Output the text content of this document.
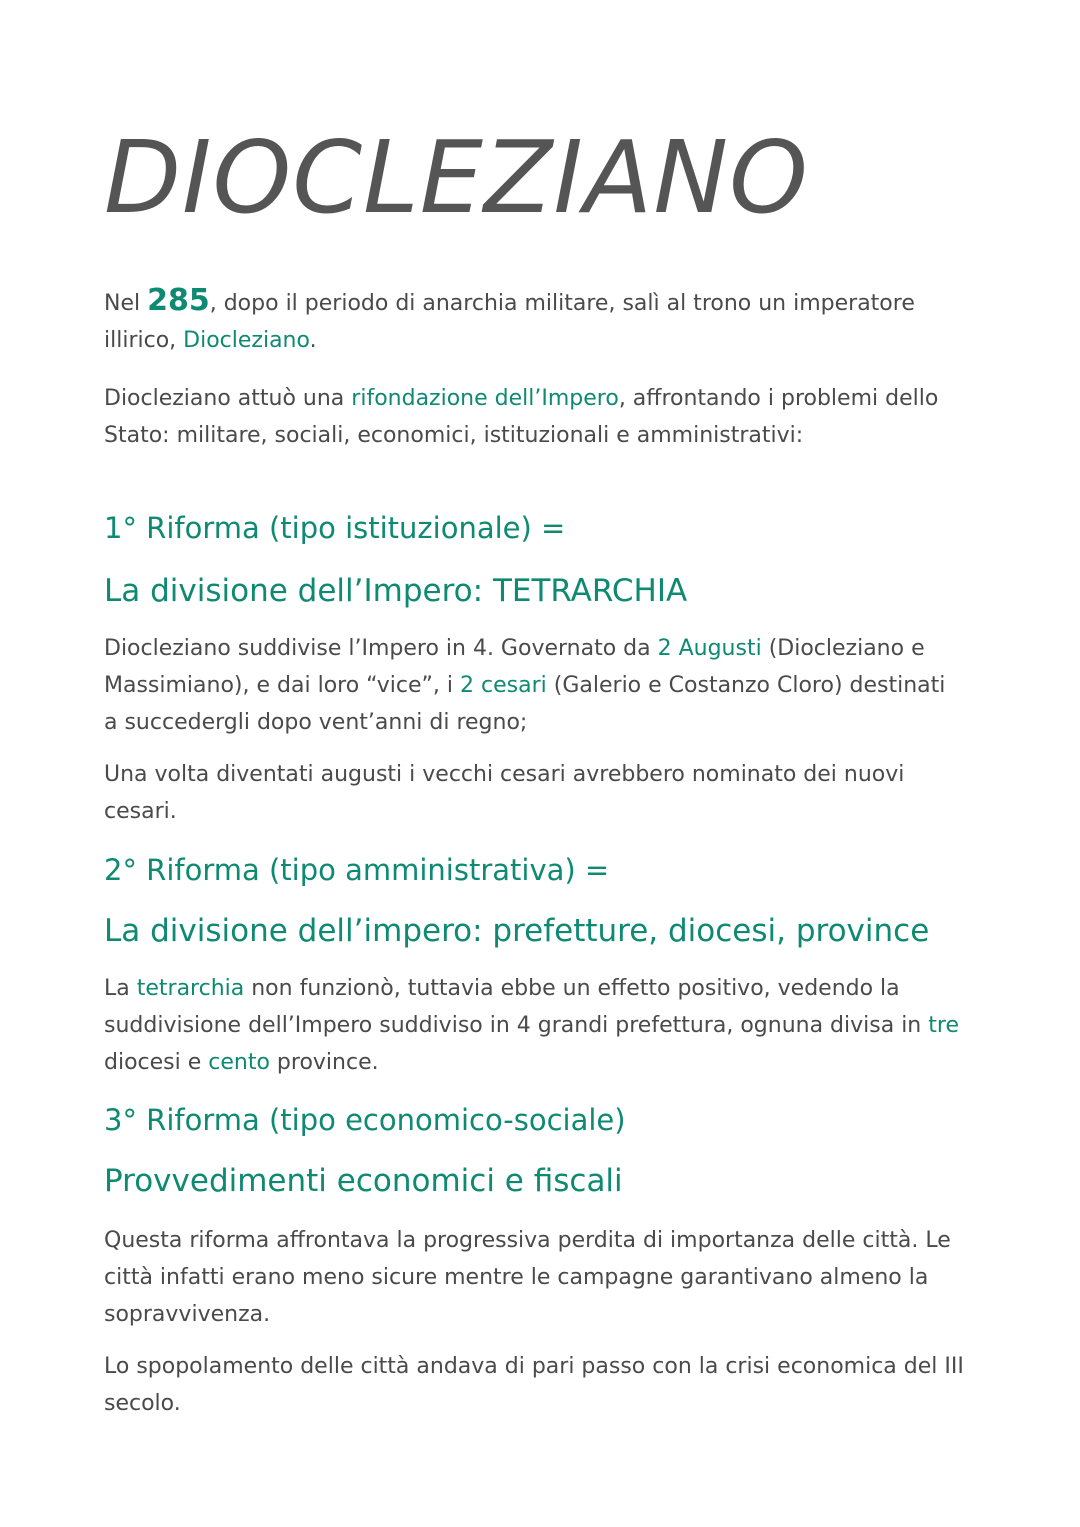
DIOCLEZIANO

Nel 285, dopo il periodo di anarchia militare, salì al trono un imperatore illirico, Diocleziano.

Diocleziano attuò una rifondazione dell’Impero, affrontando i problemi dello Stato: militare, sociali, economici, istituzionali e amministrativi:

1° Riforma (tipo istituzionale) =
La divisione dell’Impero: TETRARCHIA

Diocleziano suddivise l’Impero in 4. Governato da 2 Augusti (Diocleziano e Massimiano), e dai loro “vice”, i 2 cesari (Galerio e Costanzo Cloro) destinati a succedergli dopo vent’anni di regno;

Una volta diventati augusti i vecchi cesari avrebbero nominato dei nuovi cesari.

2° Riforma (tipo amministrativa) =
La divisione dell’impero: prefetture, diocesi, province

La tetrarchia non funzionò, tuttavia ebbe un effetto positivo, vedendo la suddivisione dell’Impero suddiviso in 4 grandi prefettura, ognuna divisa in tre diocesi e cento province.

3° Riforma (tipo economico-sociale)
Provvedimenti economici e fiscali

Questa riforma affrontava la progressiva perdita di importanza delle città. Le città infatti erano meno sicure mentre le campagne garantivano almeno la sopravvivenza.

Lo spopolamento delle città andava di pari passo con la crisi economica del III secolo.
